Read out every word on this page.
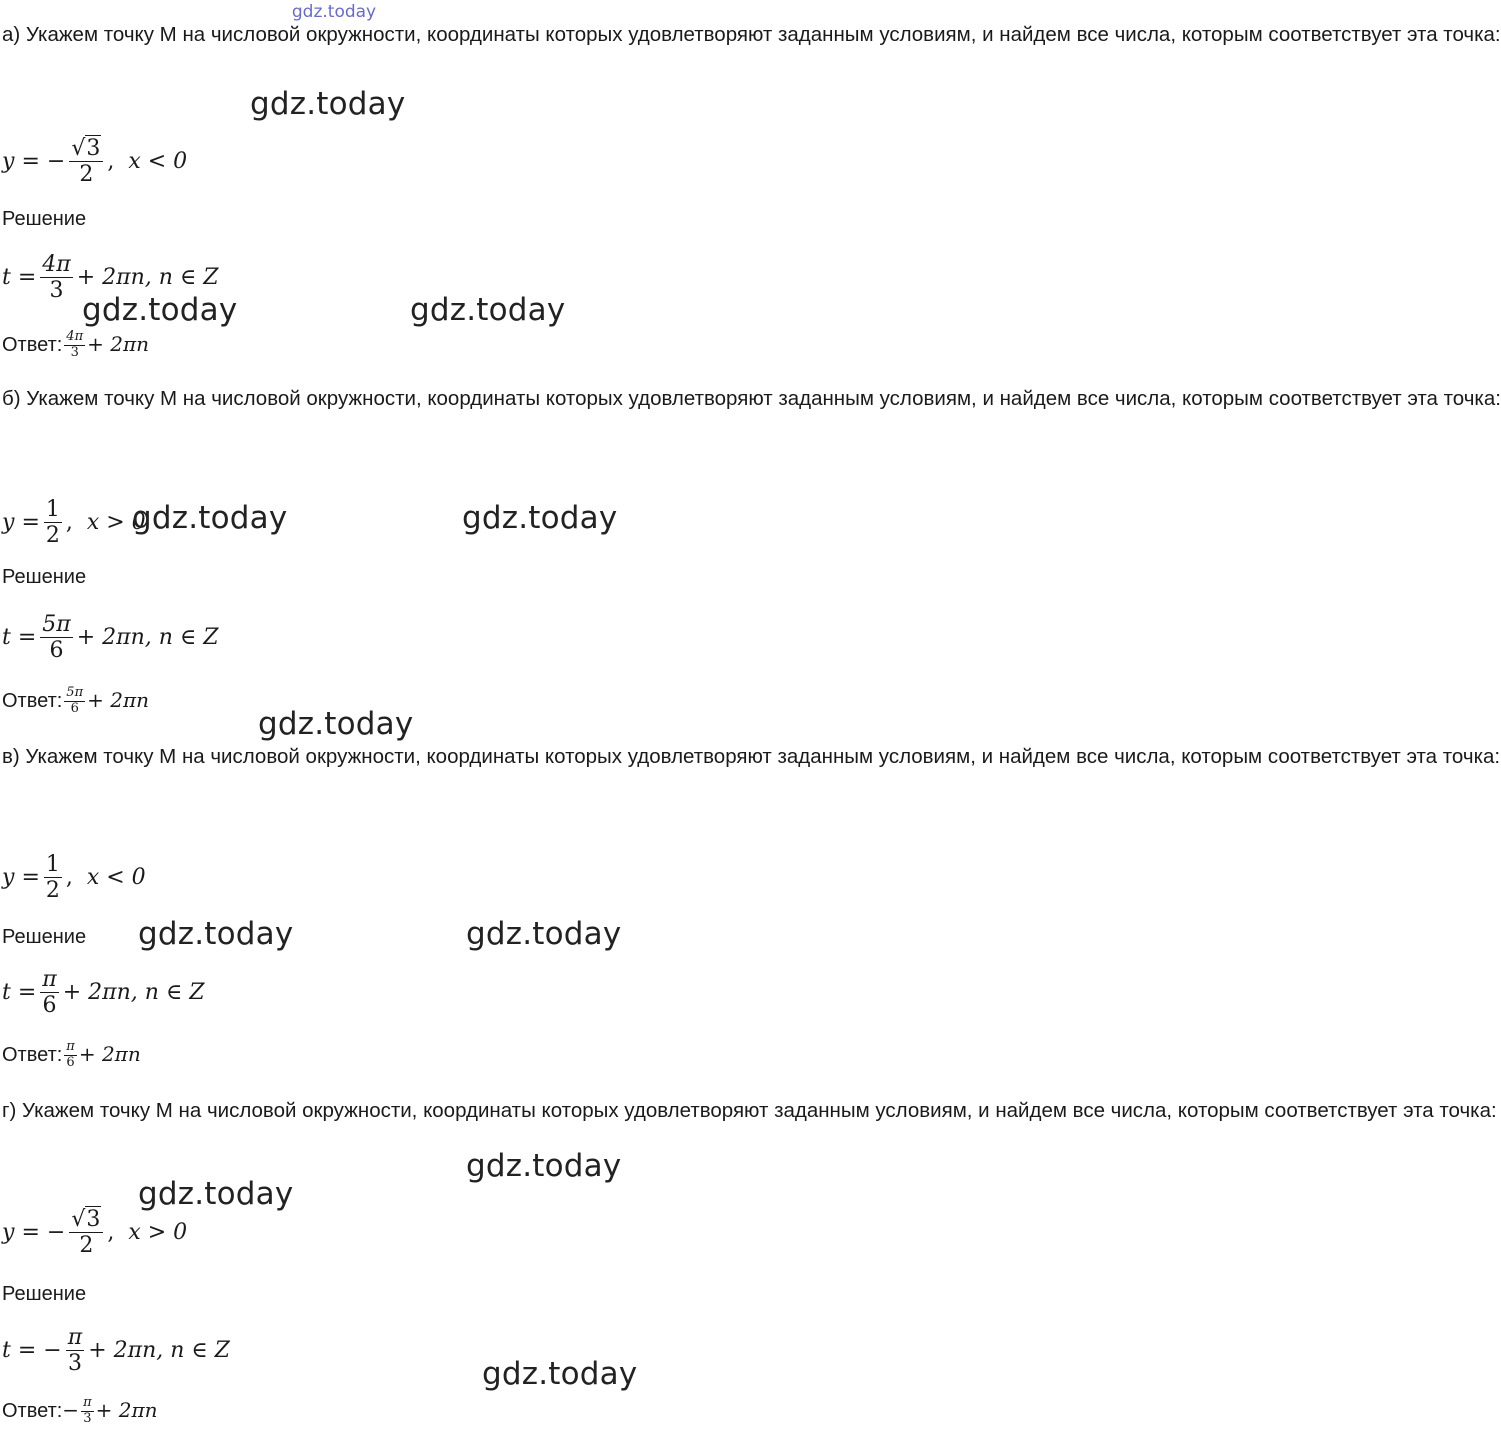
gdz.today
а) Укажем точку М на числовой окружности, координаты которых удовлетворяют заданным условиям, и найдем все числа, которым соответствует эта точка:
y = − $\frac{√3}{2}$ ,  x < 0
Решение
$t = \frac{4\pi}{3} + 2\pi n$, n ∈ Z
Ответ: $\frac{4\pi}{3} + 2\pi n$
б) Укажем точку М на числовой окружности, координаты которых удовлетворяют заданным условиям, и найдем все числа, которым соответствует эта точка:
$y = \frac{1}{2}$ ,  x > 0
Решение
$t = \frac{5\pi}{6} + 2\pi n$, n ∈ Z
Ответ: $\frac{5\pi}{6} + 2\pi n$
в) Укажем точку М на числовой окружности, координаты которых удовлетворяют заданным условиям, и найдем все числа, которым соответствует эта точка:
$y = \frac{1}{2}$ ,  x < 0
Решение
$t = \frac{\pi}{6} + 2\pi n$, n ∈ Z
Ответ: $\frac{\pi}{6} + 2\pi n$
г) Укажем точку М на числовой окружности, координаты которых удовлетворяют заданным условиям, и найдем все числа, которым соответствует эта точка:
y = − $\frac{√3}{2}$ ,  x > 0
Решение
t = − $\frac{\pi}{3} + 2\pi n$, n ∈ Z
Ответ:− $\frac{\pi}{3} + 2\pi n$
gdz.today
gdz.today	gdz.today
gdz.today	gdz.today
gdz.today
gdz.today	gdz.today
gdz.today
gdz.today
gdz.today
